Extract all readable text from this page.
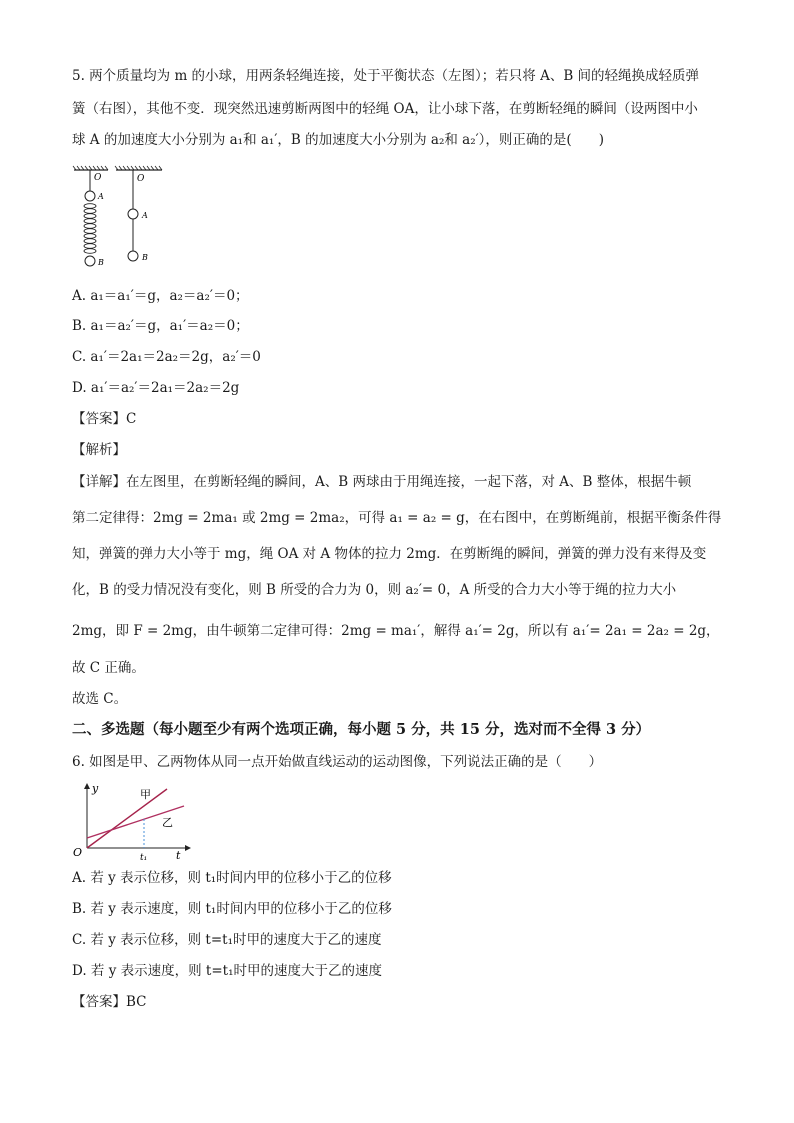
5. 两个质量均为 m 的小球，用两条轻绳连接，处于平衡状态（左图）；若只将 A、B 间的轻绳换成轻质弹
簧（右图），其他不变．现突然迅速剪断两图中的轻绳 OA，让小球下落，在剪断轻绳的瞬间（设两图中小
球 A 的加速度大小分别为 a₁和 a₁′，B 的加速度大小分别为 a₂和 a₂′），则正确的是(　　)
O
A
B
O
A
B
A. a₁＝a₁′＝g，a₂＝a₂′＝0；
B. a₁＝a₂′＝g，a₁′＝a₂＝0；
C. a₁′＝2a₁＝2a₂＝2g，a₂′＝0
D. a₁′＝a₂′＝2a₁＝2a₂＝2g
【答案】C
【解析】
【详解】在左图里，在剪断轻绳的瞬间，A、B 两球由于用绳连接，一起下落，对 A、B 整体，根据牛顿
第二定律得：2mg = 2ma₁ 或 2mg = 2ma₂，可得 a₁ = a₂ = g，在右图中，在剪断绳前，根据平衡条件得
知，弹簧的弹力大小等于 mg，绳 OA 对 A 物体的拉力 2mg．在剪断绳的瞬间，弹簧的弹力没有来得及变
化，B 的受力情况没有变化，则 B 所受的合力为 0，则 a₂′= 0，A 所受的合力大小等于绳的拉力大小
2mg，即 F = 2mg，由牛顿第二定律可得：2mg = ma₁′，解得 a₁′= 2g，所以有 a₁′= 2a₁ = 2a₂ = 2g，
故 C 正确。
故选 C。
二、多选题（每小题至少有两个选项正确，每小题 5 分，共 15 分，选对而不全得 3 分）
6. 如图是甲、乙两物体从同一点开始做直线运动的运动图像，下列说法正确的是（　　）
y
O	t
t₁
甲
乙
A. 若 y 表示位移，则 t₁时间内甲的位移小于乙的位移
B. 若 y 表示速度，则 t₁时间内甲的位移小于乙的位移
C. 若 y 表示位移，则 t=t₁时甲的速度大于乙的速度
D. 若 y 表示速度，则 t=t₁时甲的速度大于乙的速度
【答案】BC
